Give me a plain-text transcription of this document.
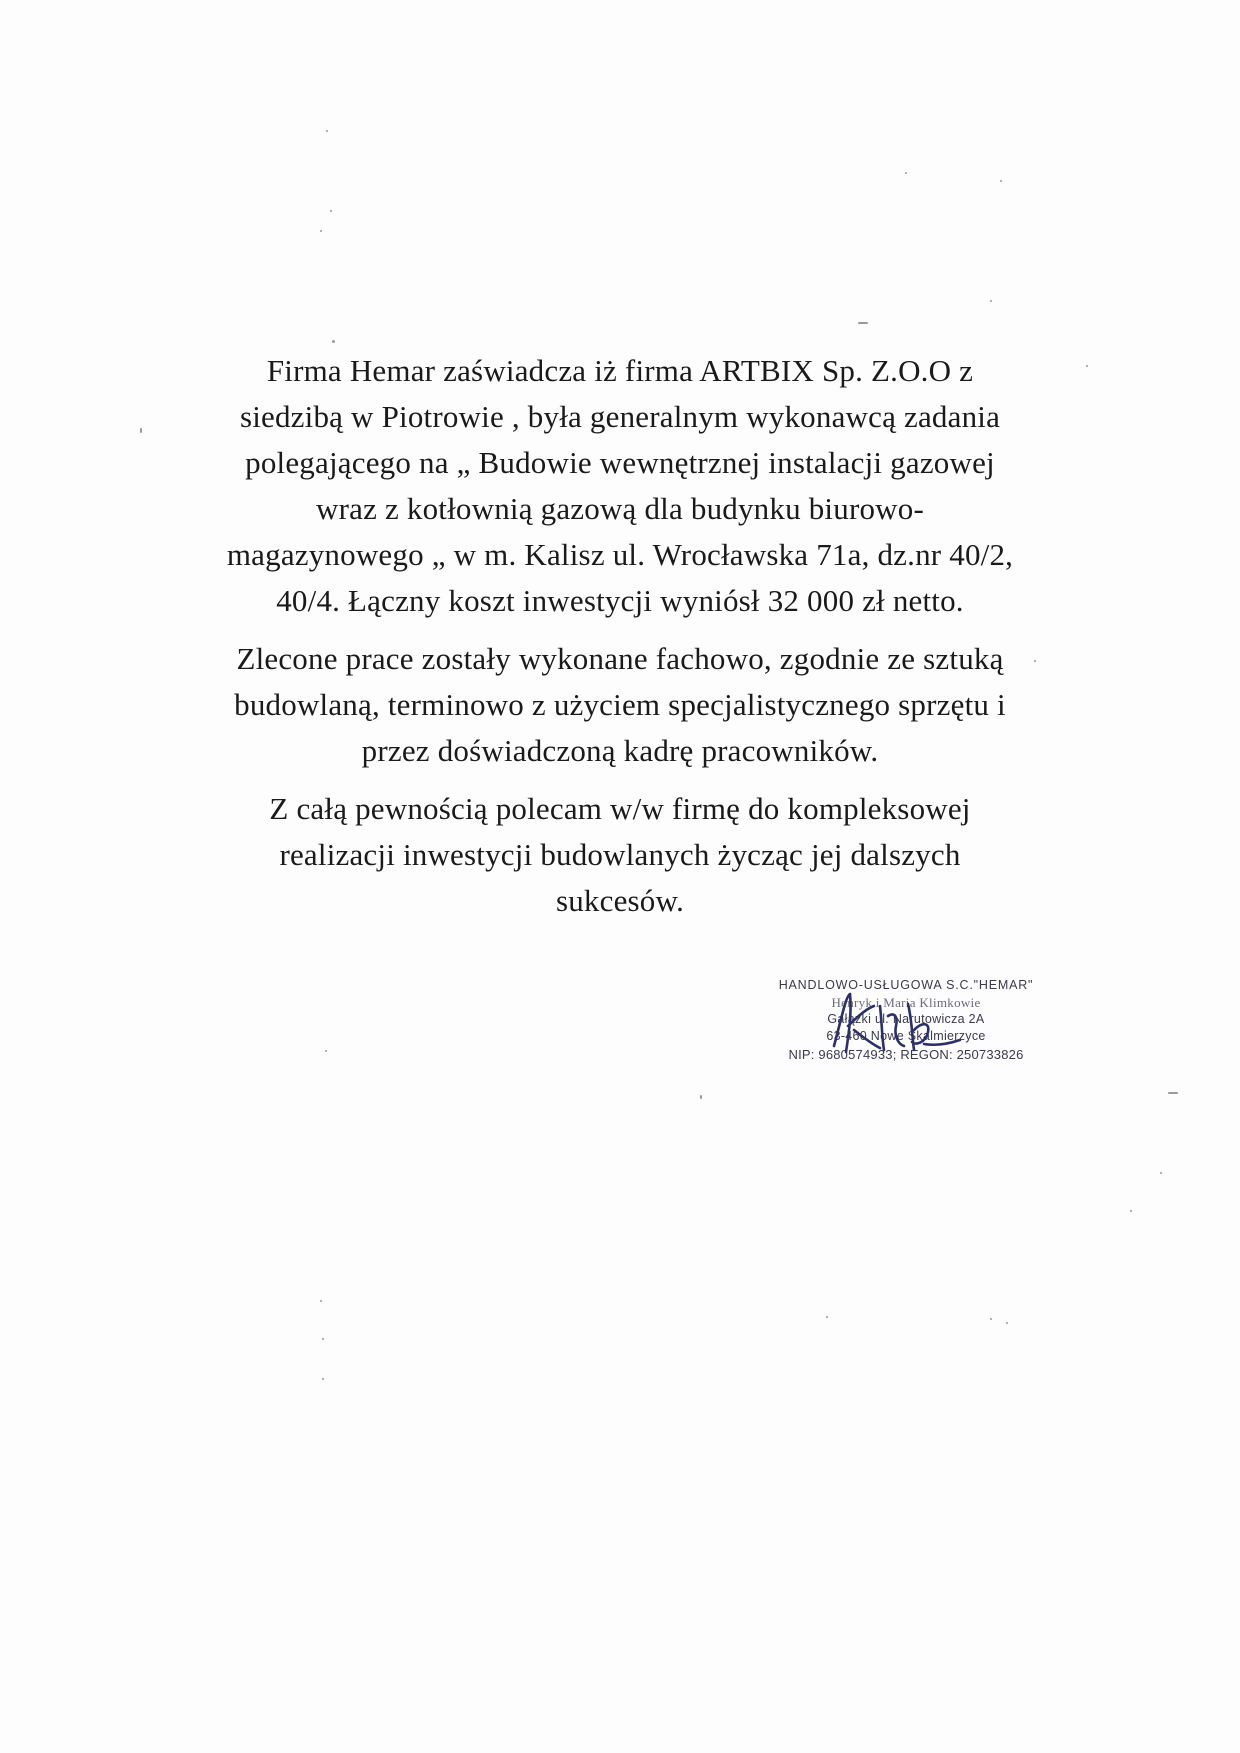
Firma Hemar zaświadcza iż firma ARTBIX Sp. Z.O.O z
siedzibą w Piotrowie , była generalnym wykonawcą zadania
polegającego na „ Budowie wewnętrznej instalacji gazowej
wraz z kotłownią gazową dla budynku biurowo-
magazynowego „ w m. Kalisz ul. Wrocławska 71a, dz.nr 40/2,
40/4. Łączny koszt inwestycji wyniósł 32 000 zł netto.

Zlecone prace zostały wykonane fachowo, zgodnie ze sztuką
budowlaną, terminowo z użyciem specjalistycznego sprzętu i
przez doświadczoną kadrę pracowników.

Z całą pewnością polecam w/w firmę do kompleksowej
realizacji inwestycji budowlanych życząc jej dalszych
sukcesów.

HANDLOWO-USŁUGOWA S.C."HEMAR"
Henryk i Maria Klimkowie
Gałązki ul. Narutowicza 2A
63-460 Nowe Skalmierzyce
NIP: 9680574933; REGON: 250733826
